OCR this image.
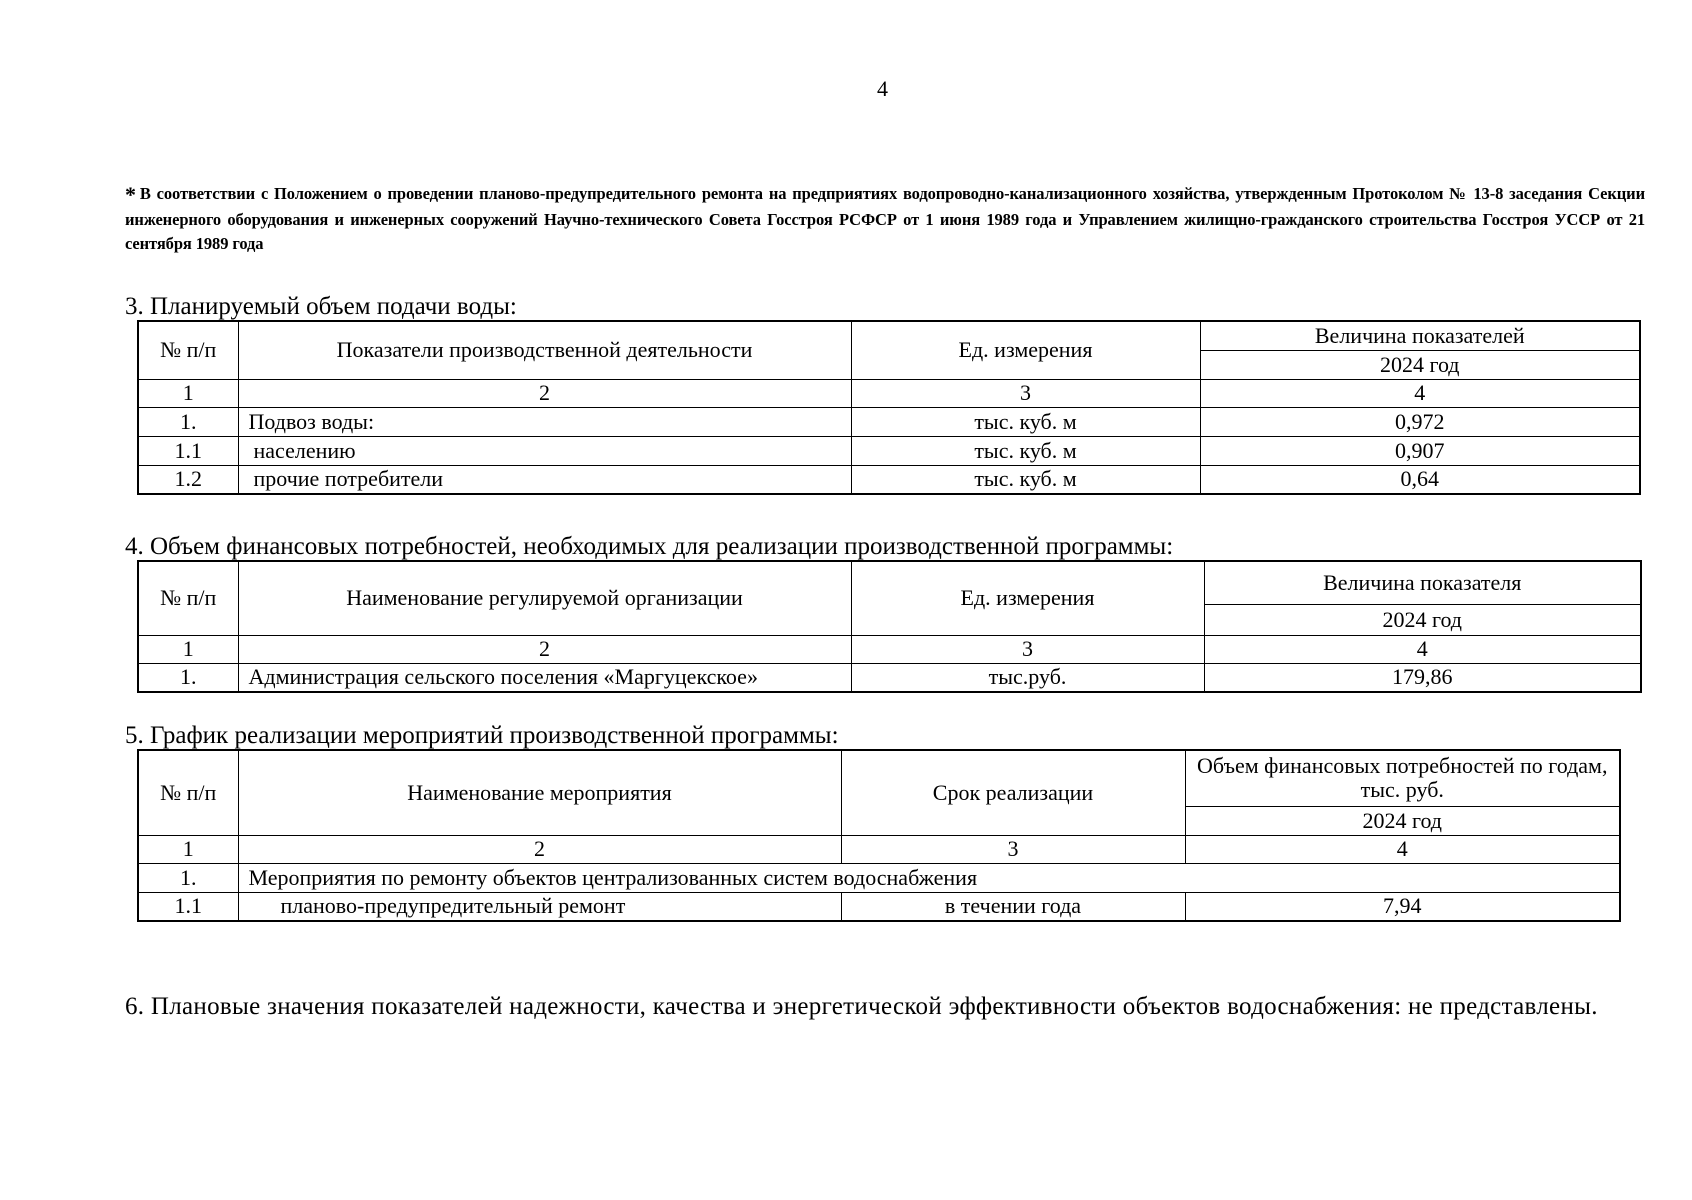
4
* В соответствии с Положением о проведении планово-предупредительного ремонта на предприятиях водопроводно-канализационного хозяйства, утвержденным Протоколом № 13-8 заседания Секции инженерного оборудования и инженерных сооружений Научно-технического Совета Госстроя РСФСР от 1 июня 1989 года и Управлением жилищно-гражданского строительства Госстроя УССР от 21 сентября 1989 года
3. Планируемый объем подачи воды:
№ п/п	Показатели производственной деятельности	Ед. измерения	Величина показателей
			2024 год
1	2	3	4
1.	Подвоз воды:	тыс. куб. м	0,972
1.1	населению	тыс. куб. м	0,907
1.2	прочие потребители	тыс. куб. м	0,64
4. Объем финансовых потребностей, необходимых для реализации производственной программы:
№ п/п	Наименование регулируемой организации	Ед. измерения	Величина показателя
			2024 год
1	2	3	4
1.	Администрация сельского поселения «Маргуцекское»	тыс.руб.	179,86
5. График реализации мероприятий производственной программы:
№ п/п	Наименование мероприятия	Срок реализации	Объем финансовых потребностей по годам, тыс. руб.
			2024 год
1	2	3	4
1.	Мероприятия по ремонту объектов централизованных систем водоснабжения		
1.1	планово-предупредительный ремонт	в течении года	7,94
6. Плановые значения показателей надежности, качества и энергетической эффективности объектов водоснабжения: не представлены.
